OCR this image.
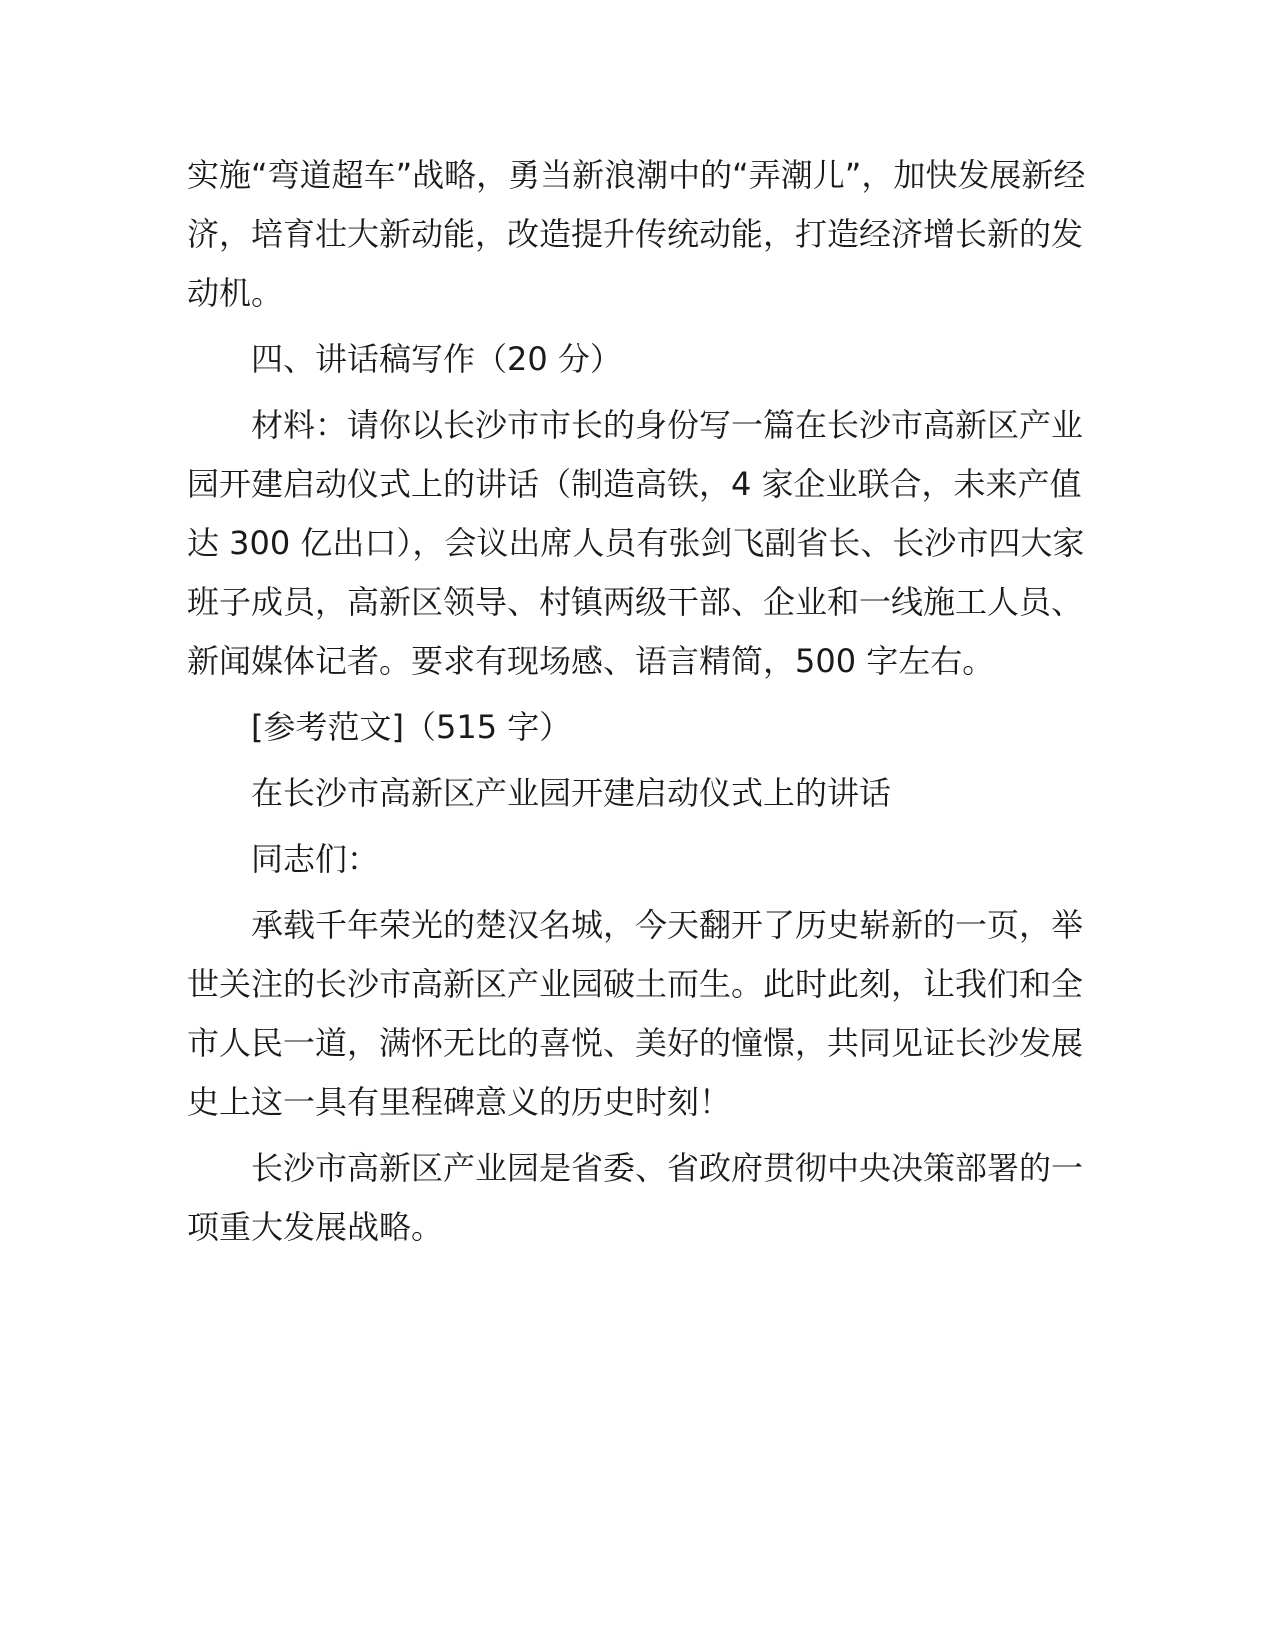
实施“弯道超车”战略，勇当新浪潮中的“弄潮儿”，加快发展新经济，培育壮大新动能，改造提升传统动能，打造经济增长新的发动机。

四、讲话稿写作（20 分）

材料：请你以长沙市市长的身份写一篇在长沙市高新区产业园开建启动仪式上的讲话（制造高铁，4 家企业联合，未来产值达 300 亿出口），会议出席人员有张剑飞副省长、长沙市四大家班子成员，高新区领导、村镇两级干部、企业和一线施工人员、新闻媒体记者。要求有现场感、语言精简，500 字左右。

[参考范文]（515 字）

在长沙市高新区产业园开建启动仪式上的讲话

同志们：

承载千年荣光的楚汉名城，今天翻开了历史崭新的一页，举世关注的长沙市高新区产业园破土而生。此时此刻，让我们和全市人民一道，满怀无比的喜悦、美好的憧憬，共同见证长沙发展史上这一具有里程碑意义的历史时刻！

长沙市高新区产业园是省委、省政府贯彻中央决策部署的一项重大发展战略。
